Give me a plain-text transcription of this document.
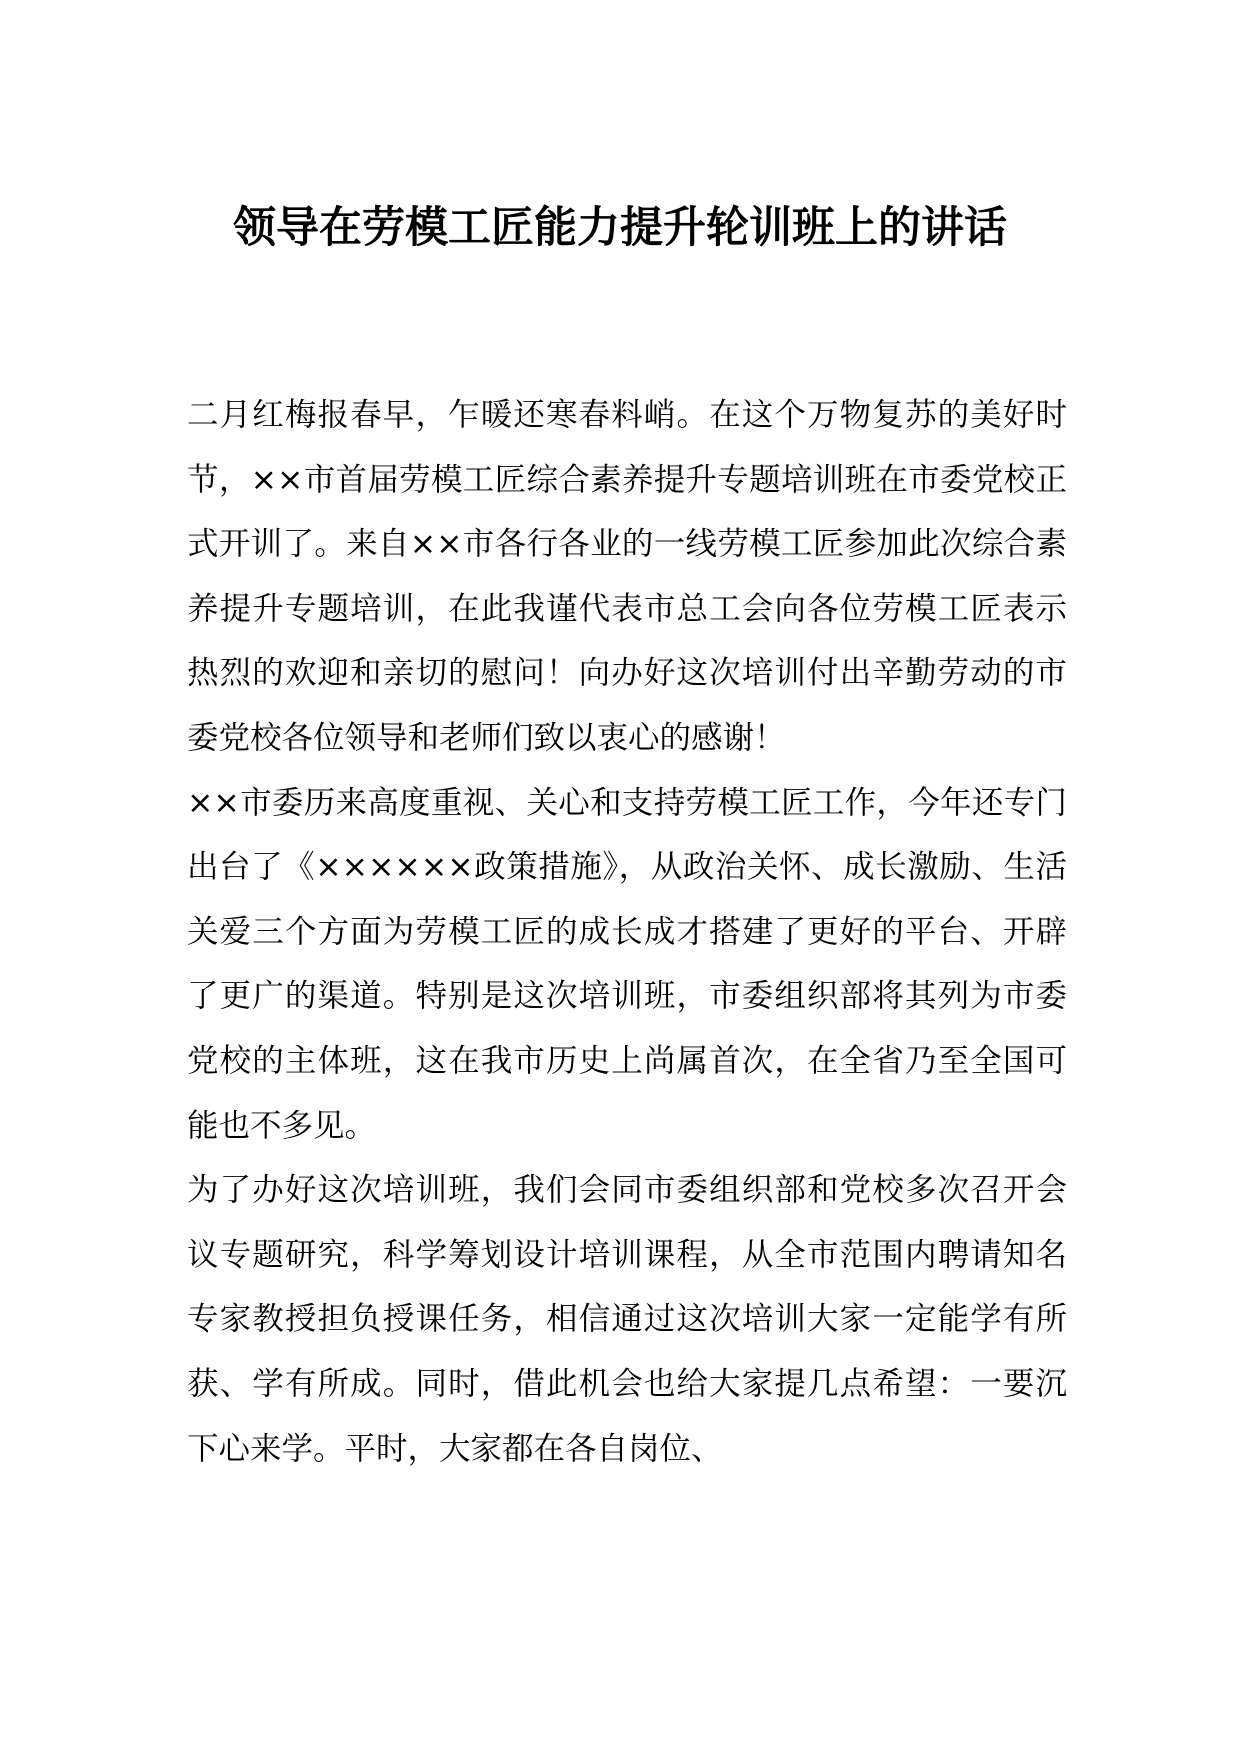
领导在劳模工匠能力提升轮训班上的讲话

二月红梅报春早，乍暖还寒春料峭。在这个万物复苏的美好时节，××市首届劳模工匠综合素养提升专题培训班在市委党校正式开训了。来自××市各行各业的一线劳模工匠参加此次综合素养提升专题培训，在此我谨代表市总工会向各位劳模工匠表示热烈的欢迎和亲切的慰问！向办好这次培训付出辛勤劳动的市委党校各位领导和老师们致以衷心的感谢！

××市委历来高度重视、关心和支持劳模工匠工作，今年还专门出台了《××××××政策措施》，从政治关怀、成长激励、生活关爱三个方面为劳模工匠的成长成才搭建了更好的平台、开辟了更广的渠道。特别是这次培训班，市委组织部将其列为市委党校的主体班，这在我市历史上尚属首次，在全省乃至全国可能也不多见。

为了办好这次培训班，我们会同市委组织部和党校多次召开会议专题研究，科学筹划设计培训课程，从全市范围内聘请知名专家教授担负授课任务，相信通过这次培训大家一定能学有所获、学有所成。同时，借此机会也给大家提几点希望：一要沉下心来学。平时，大家都在各自岗位、
